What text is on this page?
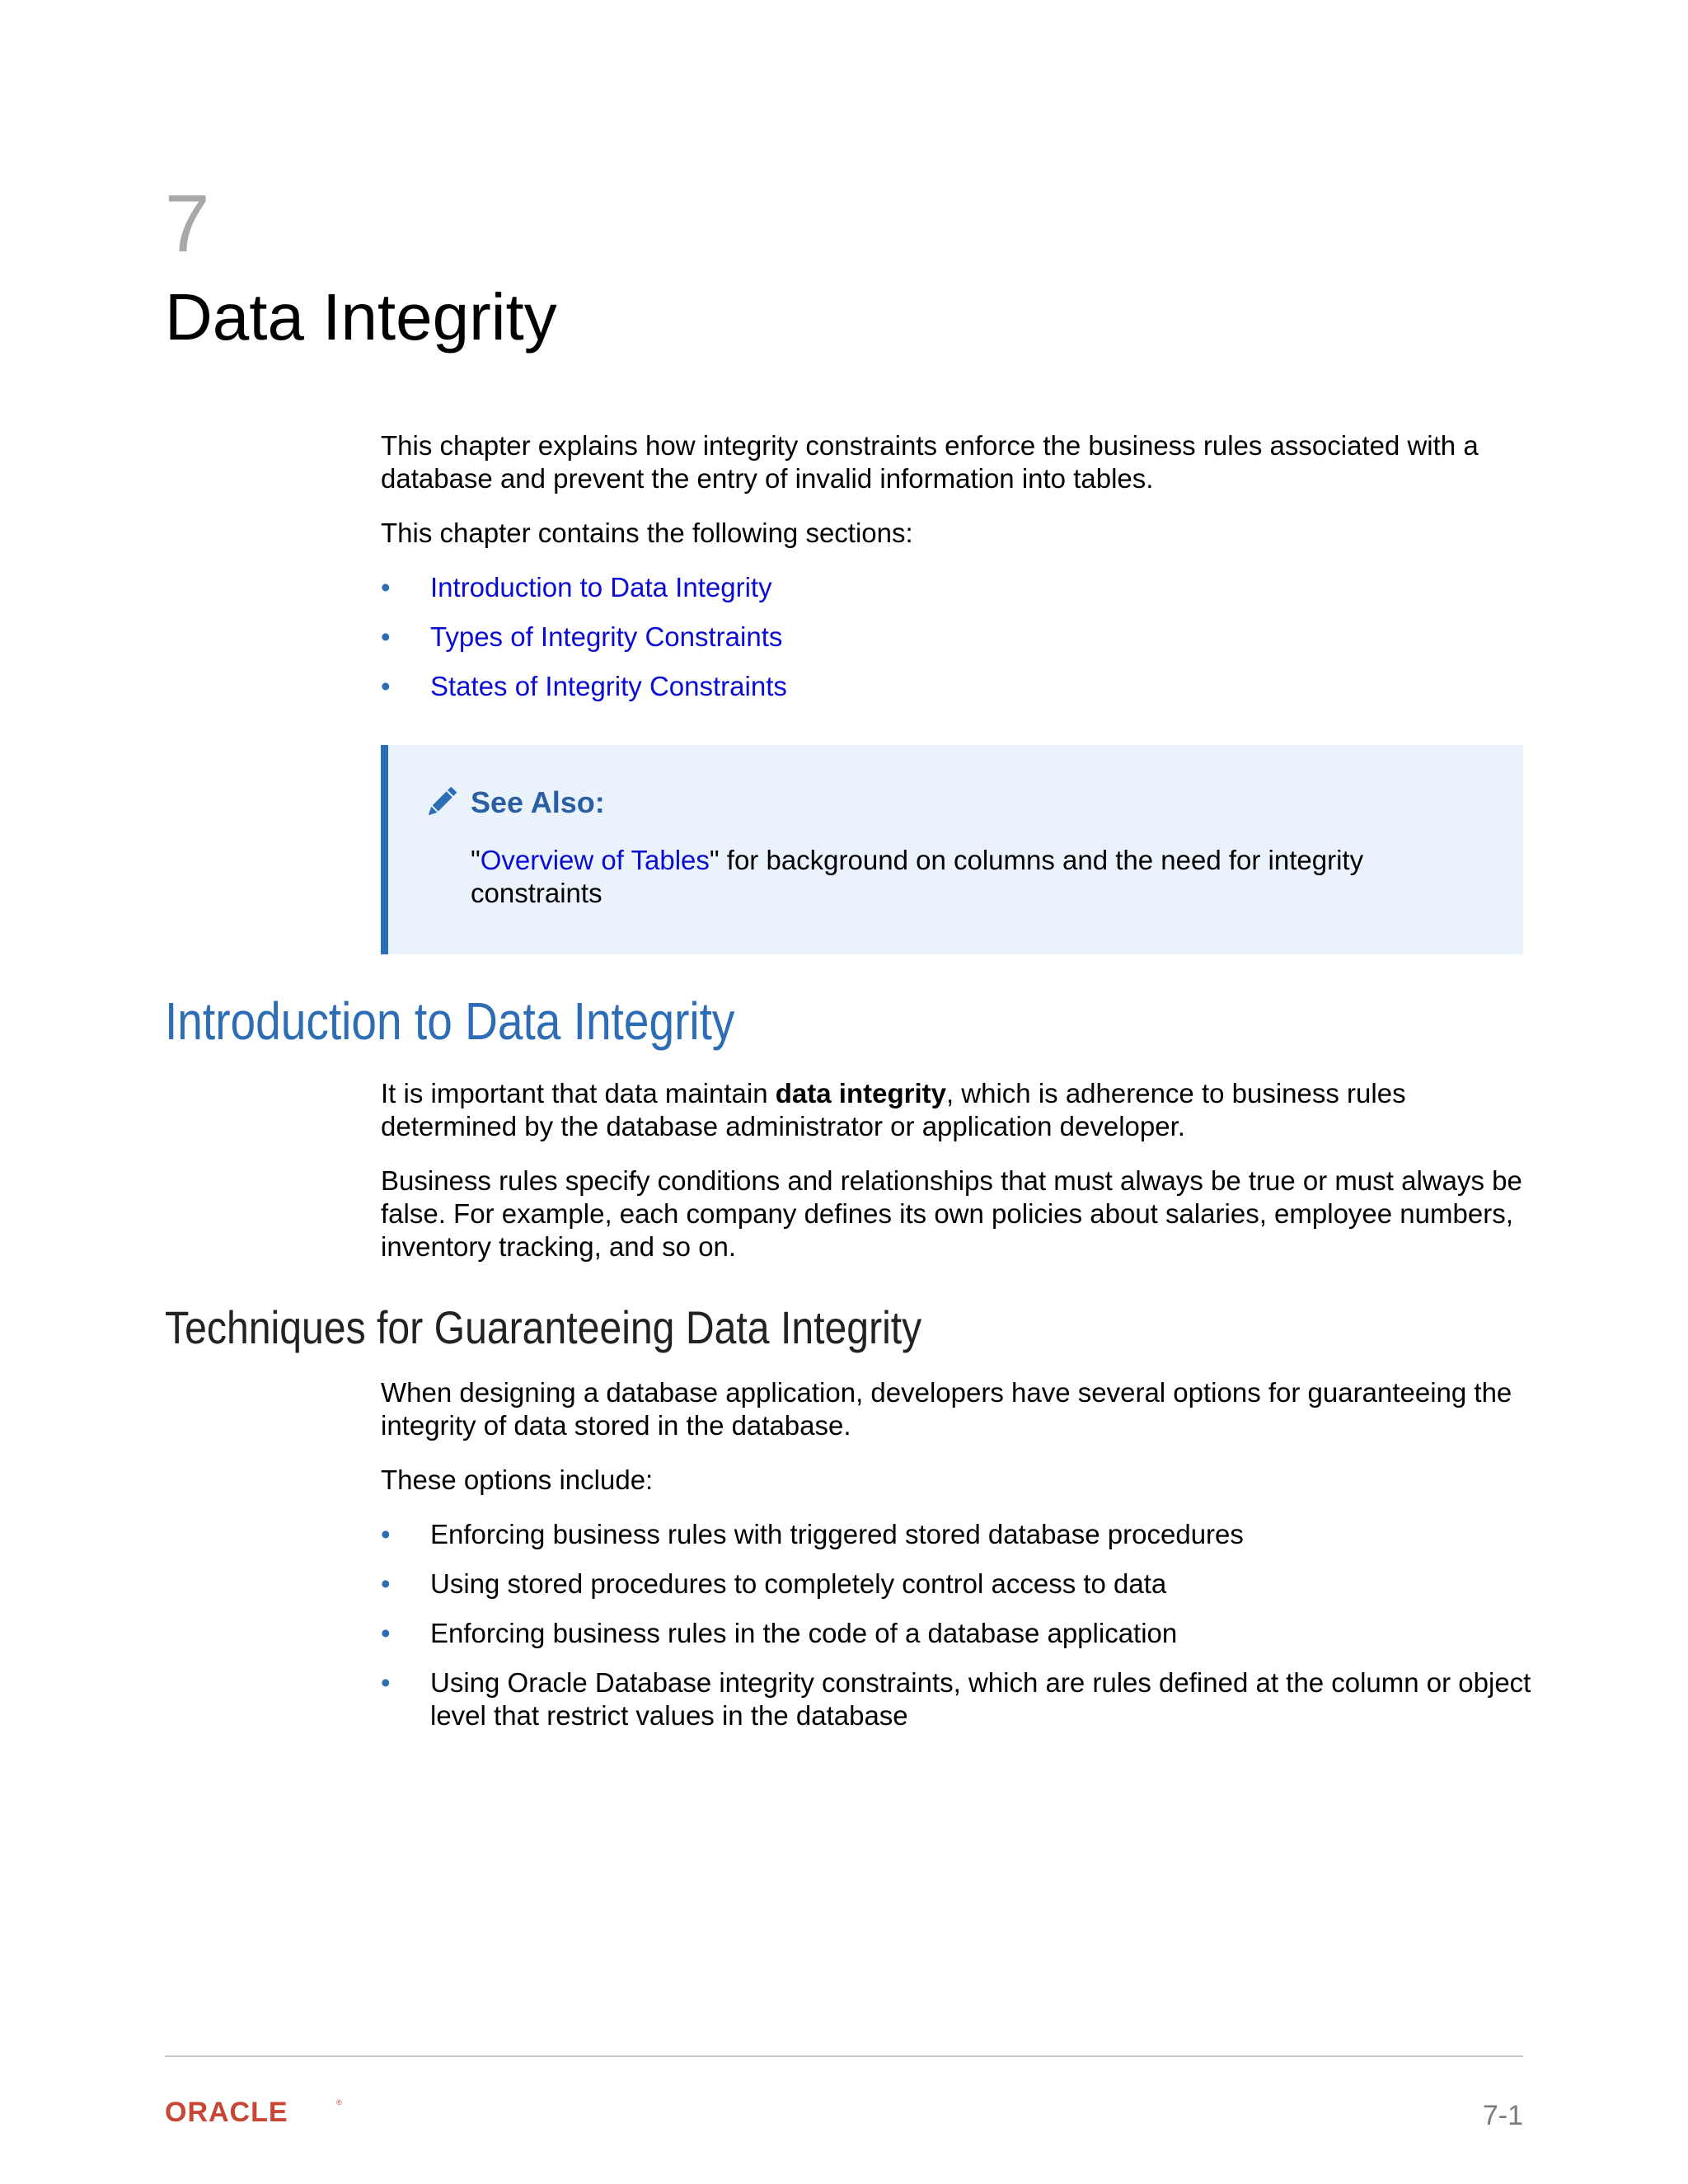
7
Data Integrity

This chapter explains how integrity constraints enforce the business rules associated with a database and prevent the entry of invalid information into tables.

This chapter contains the following sections:

• Introduction to Data Integrity
• Types of Integrity Constraints
• States of Integrity Constraints
See Also:
"Overview of Tables" for background on columns and the need for integrity constraints
Introduction to Data Integrity

It is important that data maintain data integrity, which is adherence to business rules determined by the database administrator or application developer.

Business rules specify conditions and relationships that must always be true or must always be false. For example, each company defines its own policies about salaries, employee numbers, inventory tracking, and so on.

Techniques for Guaranteeing Data Integrity

When designing a database application, developers have several options for guaranteeing the integrity of data stored in the database.

These options include:

• Enforcing business rules with triggered stored database procedures
• Using stored procedures to completely control access to data
• Enforcing business rules in the code of a database application
• Using Oracle Database integrity constraints, which are rules defined at the column or object level that restrict values in the database
ORACLE	®	7-1
